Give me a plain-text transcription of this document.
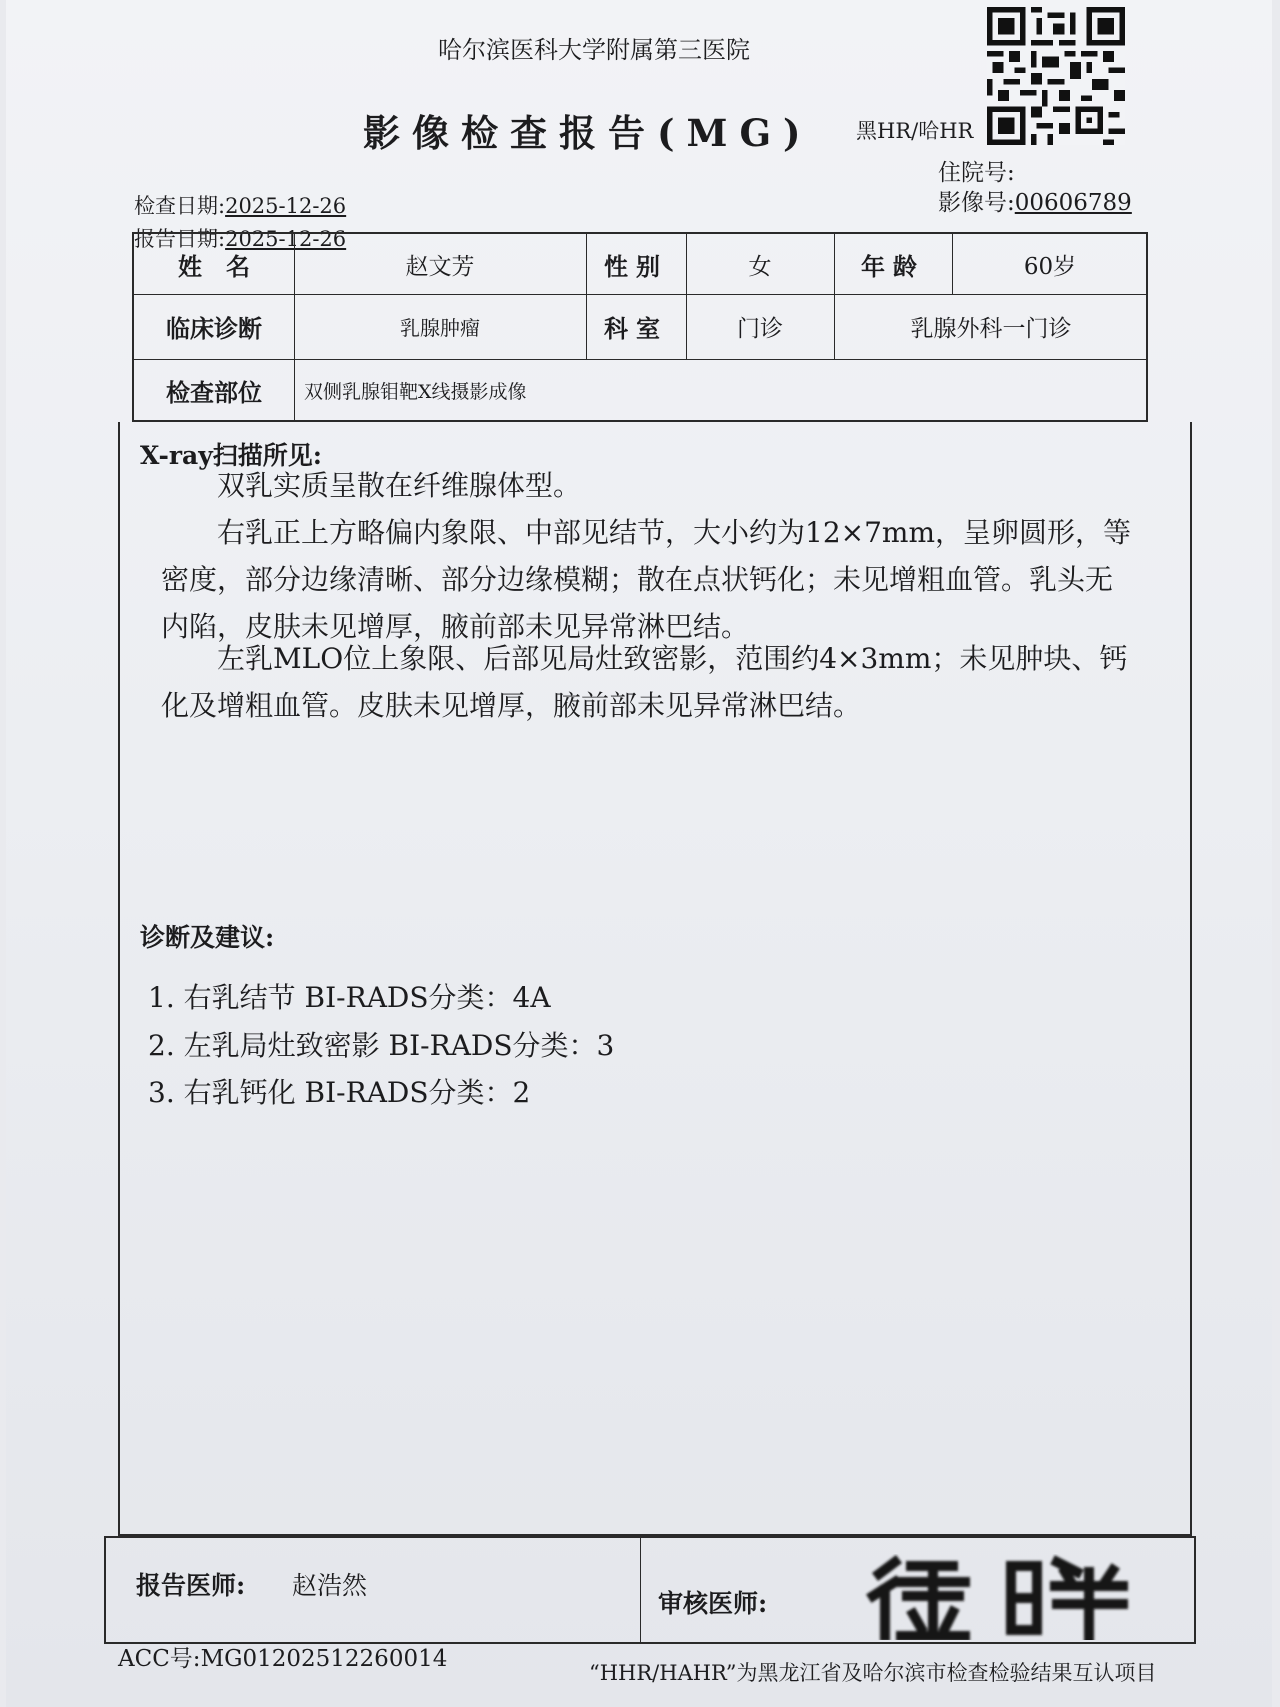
哈尔滨医科大学附属第三医院
影像检查报告(MG) 黑HR/哈HR
住院号:
影像号:00606789
检查日期:2025-12-26
报告日期:2025-12-26
姓　名	赵文芳	性别	女	年龄	60岁
临床诊断	乳腺肿瘤	科室	门诊	乳腺外科一门诊
检查部位	双侧乳腺钼靶X线摄影成像
X-ray扫描所见:

双乳实质呈散在纤维腺体型。

右乳正上方略偏内象限、中部见结节，大小约为12×7mm，呈卵圆形，等密度，部分边缘清晰、部分边缘模糊；散在点状钙化；未见增粗血管。乳头无内陷，皮肤未见增厚，腋前部未见异常淋巴结。

左乳MLO位上象限、后部见局灶致密影，范围约4×3mm；未见肿块、钙化及增粗血管。皮肤未见增厚，腋前部未见异常淋巴结。

诊断及建议:
1. 右乳结节 BI-RADS分类：4A
2. 左乳局灶致密影 BI-RADS分类：3
3. 右乳钙化 BI-RADS分类：2
报告医师: 赵浩然
审核医师:
ACC号:MG01202512260014
“HHR/HAHR”为黑龙江省及哈尔滨市检查检验结果互认项目
